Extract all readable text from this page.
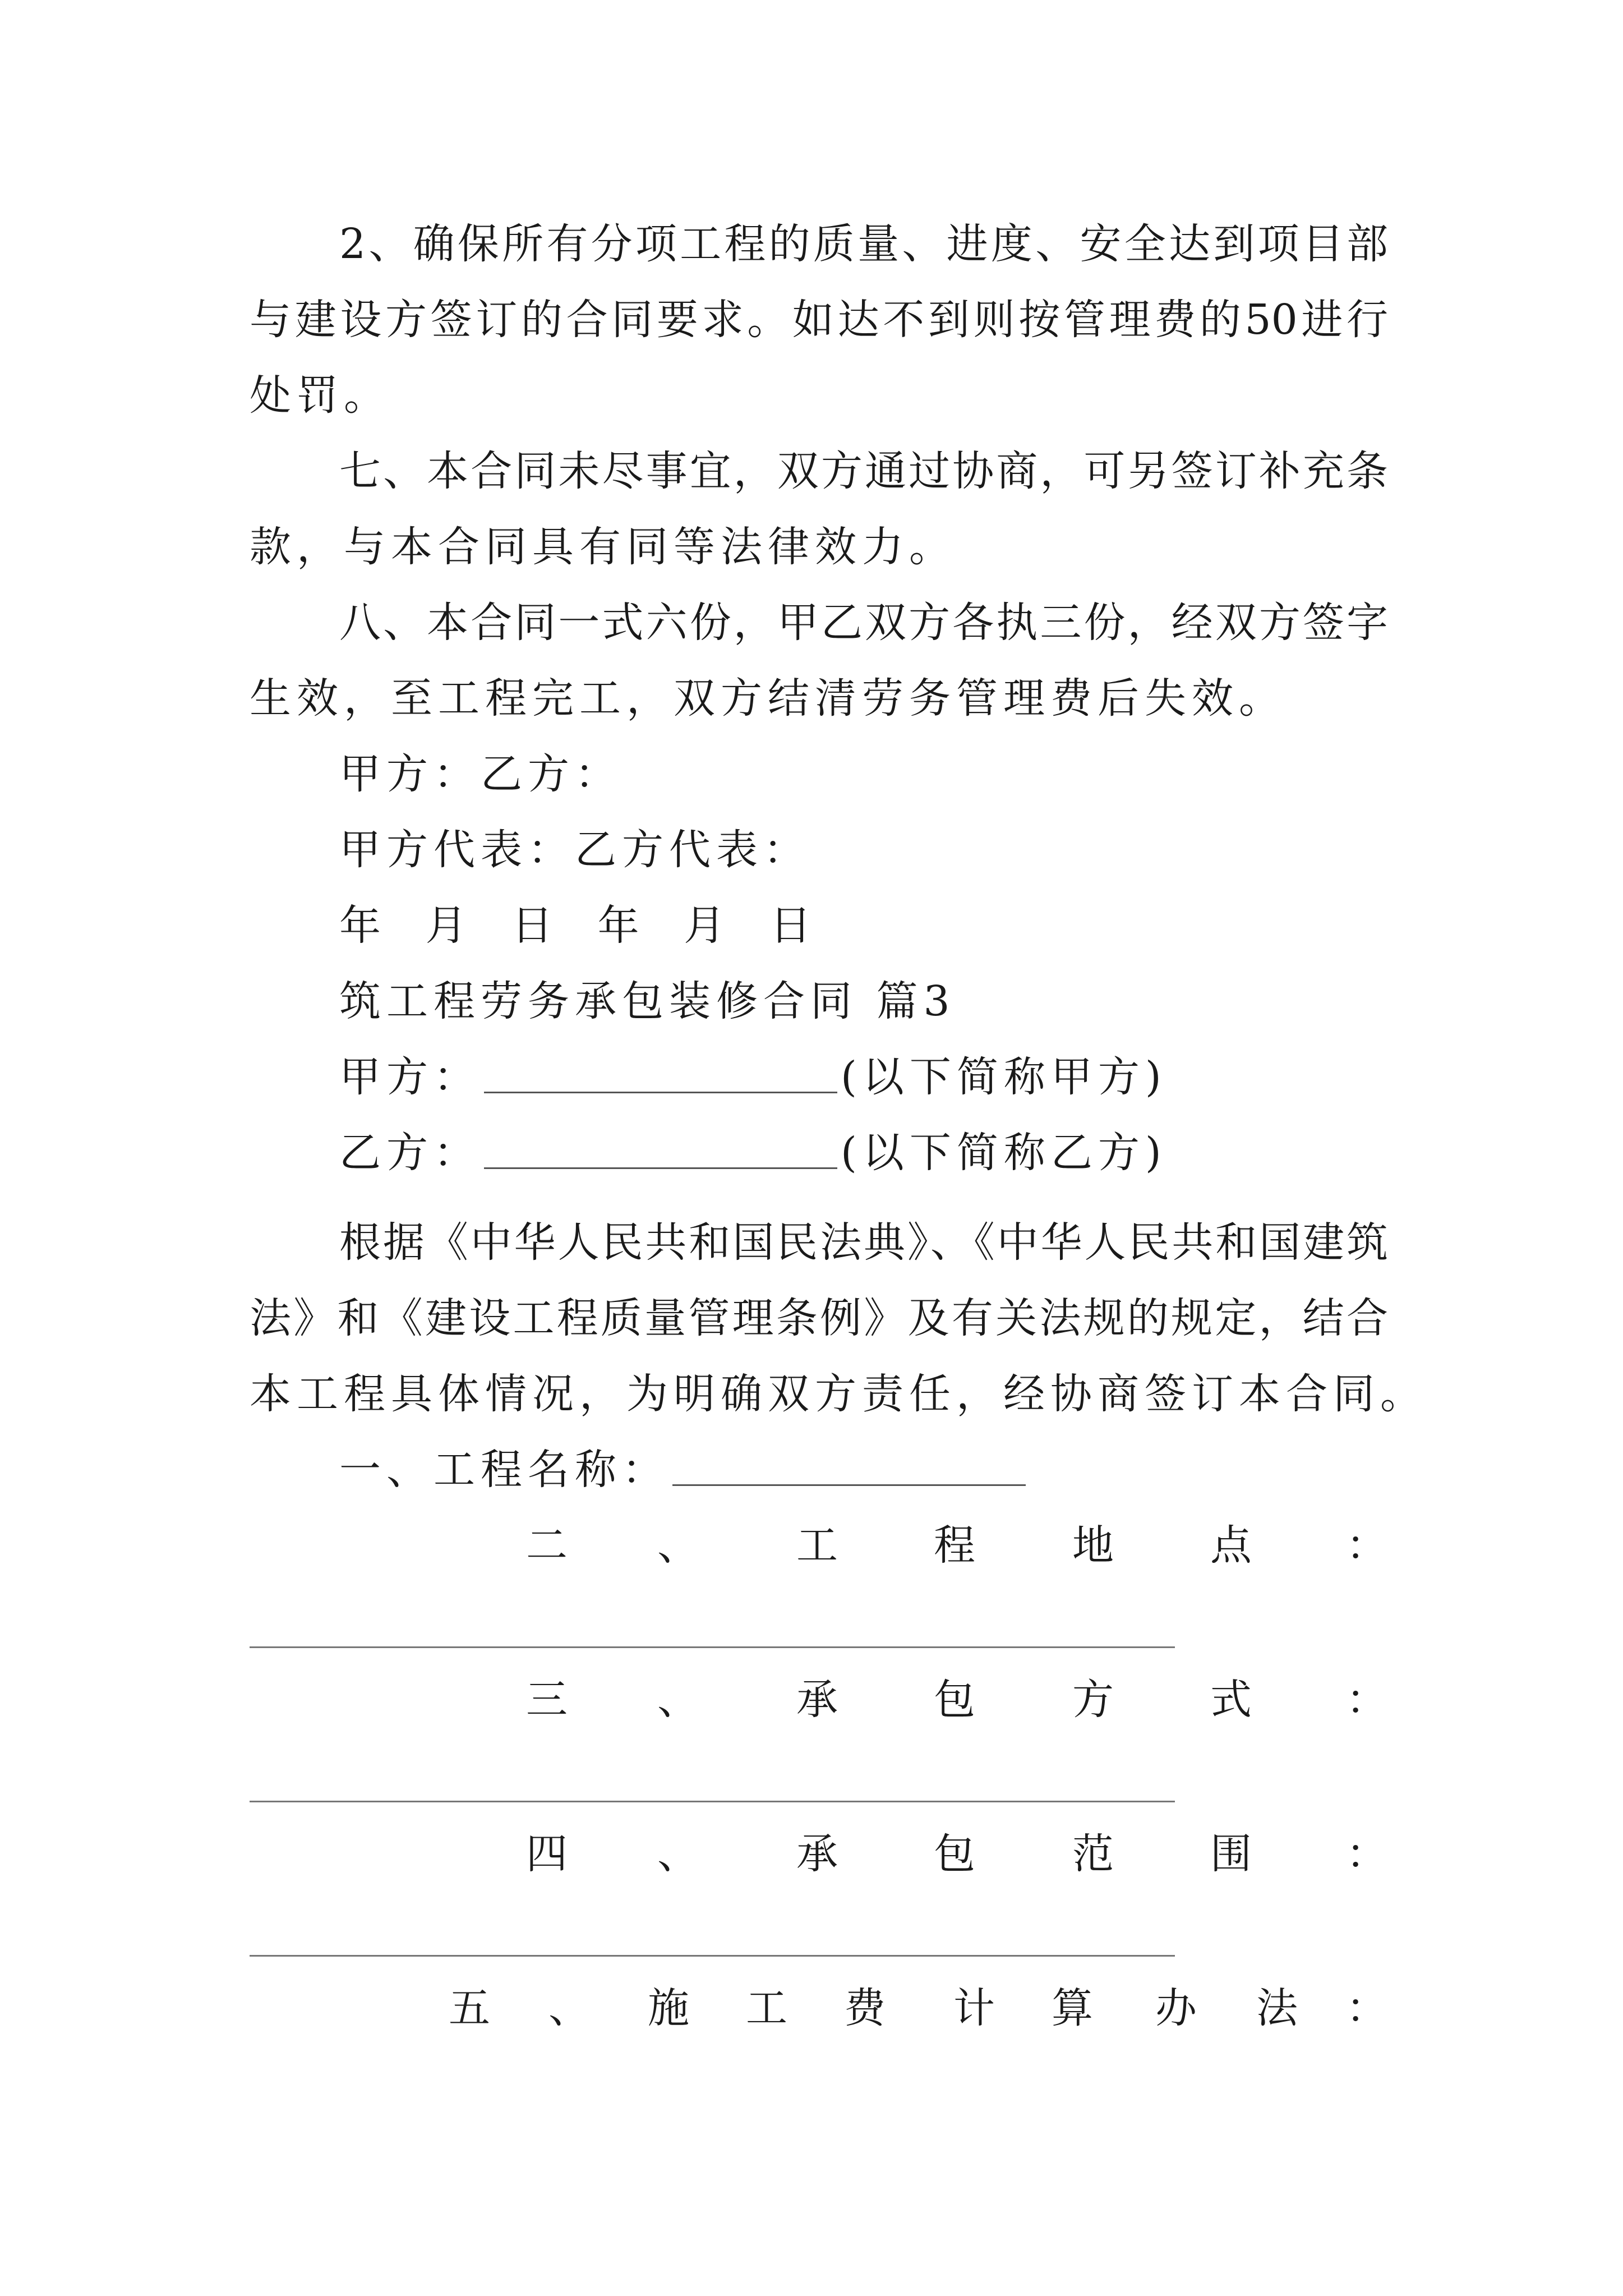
2、确保所有分项工程的质量、进度、安全达到项目部
与建设方签订的合同要求。如达不到则按管理费的50进行
处罚。
七、本合同未尽事宜，双方通过协商，可另签订补充条
款，与本合同具有同等法律效力。
八、本合同一式六份，甲乙双方各执三份，经双方签字
生效，至工程完工，双方结清劳务管理费后失效。
甲方：乙方：
甲方代表：乙方代表：
年 月 日 年 月 日
筑工程劳务承包装修合同 篇3
甲方：	(以下简称甲方)
乙方：	(以下简称乙方)
根据《中华人民共和国民法典》、《中华人民共和国建筑
法》和《建设工程质量管理条例》及有关法规的规定，结合
本工程具体情况，为明确双方责任，经协商签订本合同。
一、工程名称：
二 、 工 程 地 点 ：
三 、 承 包 方 式 ：
四 、 承 包 范 围 ：
五 、 施 工 费 计 算 办 法 ：
